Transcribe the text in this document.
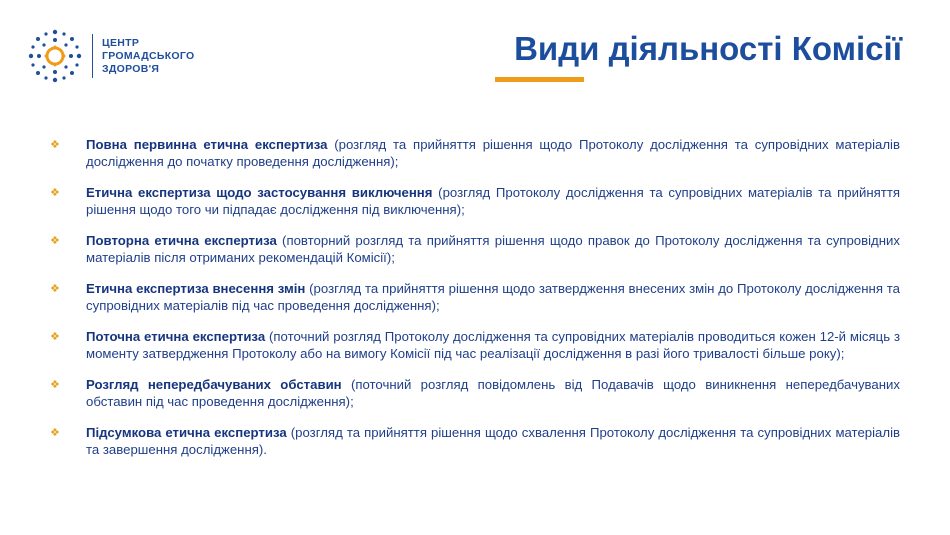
ЦЕНТР
ГРОМАДСЬКОГО
ЗДОРОВ'Я
Види діяльності Комісії
❖	Повна первинна етична експертиза (розгляд та прийняття рішення щодо Протоколу дослідження та супровідних матеріалів дослідження до початку проведення дослідження);
❖	Етична експертиза щодо застосування виключення (розгляд Протоколу дослідження та супровідних матеріалів та прийняття рішення щодо того чи підпадає дослідження під виключення);
❖	Повторна етична експертиза (повторний розгляд та прийняття рішення щодо правок до Протоколу дослідження та супровідних матеріалів після отриманих рекомендацій Комісії);
❖	Етична експертиза внесення змін (розгляд та прийняття рішення щодо затвердження внесених змін до Протоколу дослідження та супровідних матеріалів під час проведення дослідження);
❖	Поточна етична експертиза (поточний розгляд Протоколу дослідження та супровідних матеріалів проводиться кожен 12-й місяць з моменту затвердження Протоколу або на вимогу Комісії під час реалізації дослідження в разі його тривалості більше року);
❖	Розгляд непередбачуваних обставин (поточний розгляд повідомлень від Подавачів щодо виникнення непередбачуваних обставин під час проведення дослідження);
❖	Підсумкова етична експертиза (розгляд та прийняття рішення щодо схвалення Протоколу дослідження та супровідних матеріалів та завершення дослідження).
